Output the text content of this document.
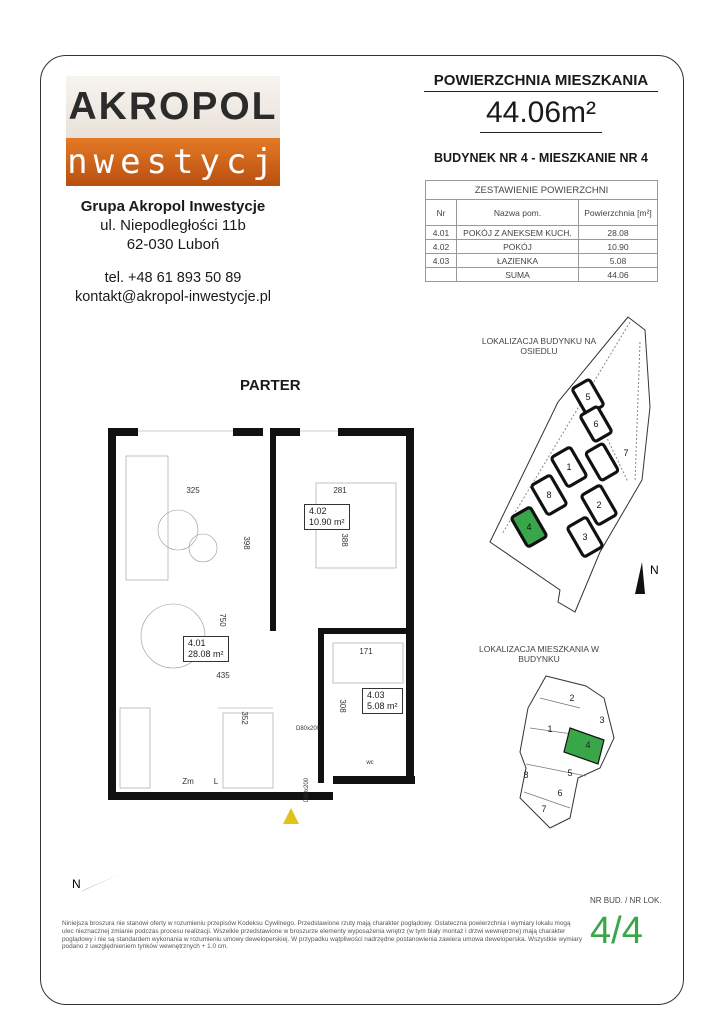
AKROPOL
inwestycje
Grupa Akropol Inwestycje
ul. Niepodległości 11b
62-030 Luboń
tel. +48 61 893 50 89
kontakt@akropol-inwestycje.pl
POWIERZCHNIA MIESZKANIA
44.06m²
BUDYNEK NR 4 - MIESZKANIE NR 4
ZESTAWIENIE POWIERZCHNI		
Nr	Nazwa pom.	Powierzchnia [m²]
4.01	POKÓJ Z ANEKSEM KUCH.	28.08
4.02	POKÓJ	10.90
4.03	ŁAZIENKA	5.08
	SUMA	44.06
LOKALIZACJA BUDYNKU NA OSIEDLU
5
6
7
1
8
2
4
3
N
LOKALIZACJA MIESZKANIA W BUDYNKU
1
2
3
4
5
6
7
8
PARTER
325	281
398	388
750
435
171
352
308
Zm L
D80x200
D80x200
wc
4.02
10.90 m²
4.01
28.08 m²
4.03
5.08 m²
N
Niniejsza broszura nie stanowi oferty w rozumieniu przepisów Kodeksu Cywilnego. Przedstawione rzuty mają charakter poglądowy. Ostateczna powierzchnia i wymiary lokalu mogą ulec nieznacznej zmianie podczas procesu realizacji. Wszelkie przedstawione w broszurze elementy wyposażenia wnętrz (w tym biały montaż i drzwi wewnętrzne) mają charakter poglądowy i nie są standardem wykonania w rozumieniu umowy deweloperskiej. W przypadku wątpliwości nadrzędne postanowienia zawiera umowa deweloperska. Wszystkie wymiary podano z uwzględnieniem tynków wewnętrznych + 1.0 cm.
NR BUD. / NR LOK.
4/4
